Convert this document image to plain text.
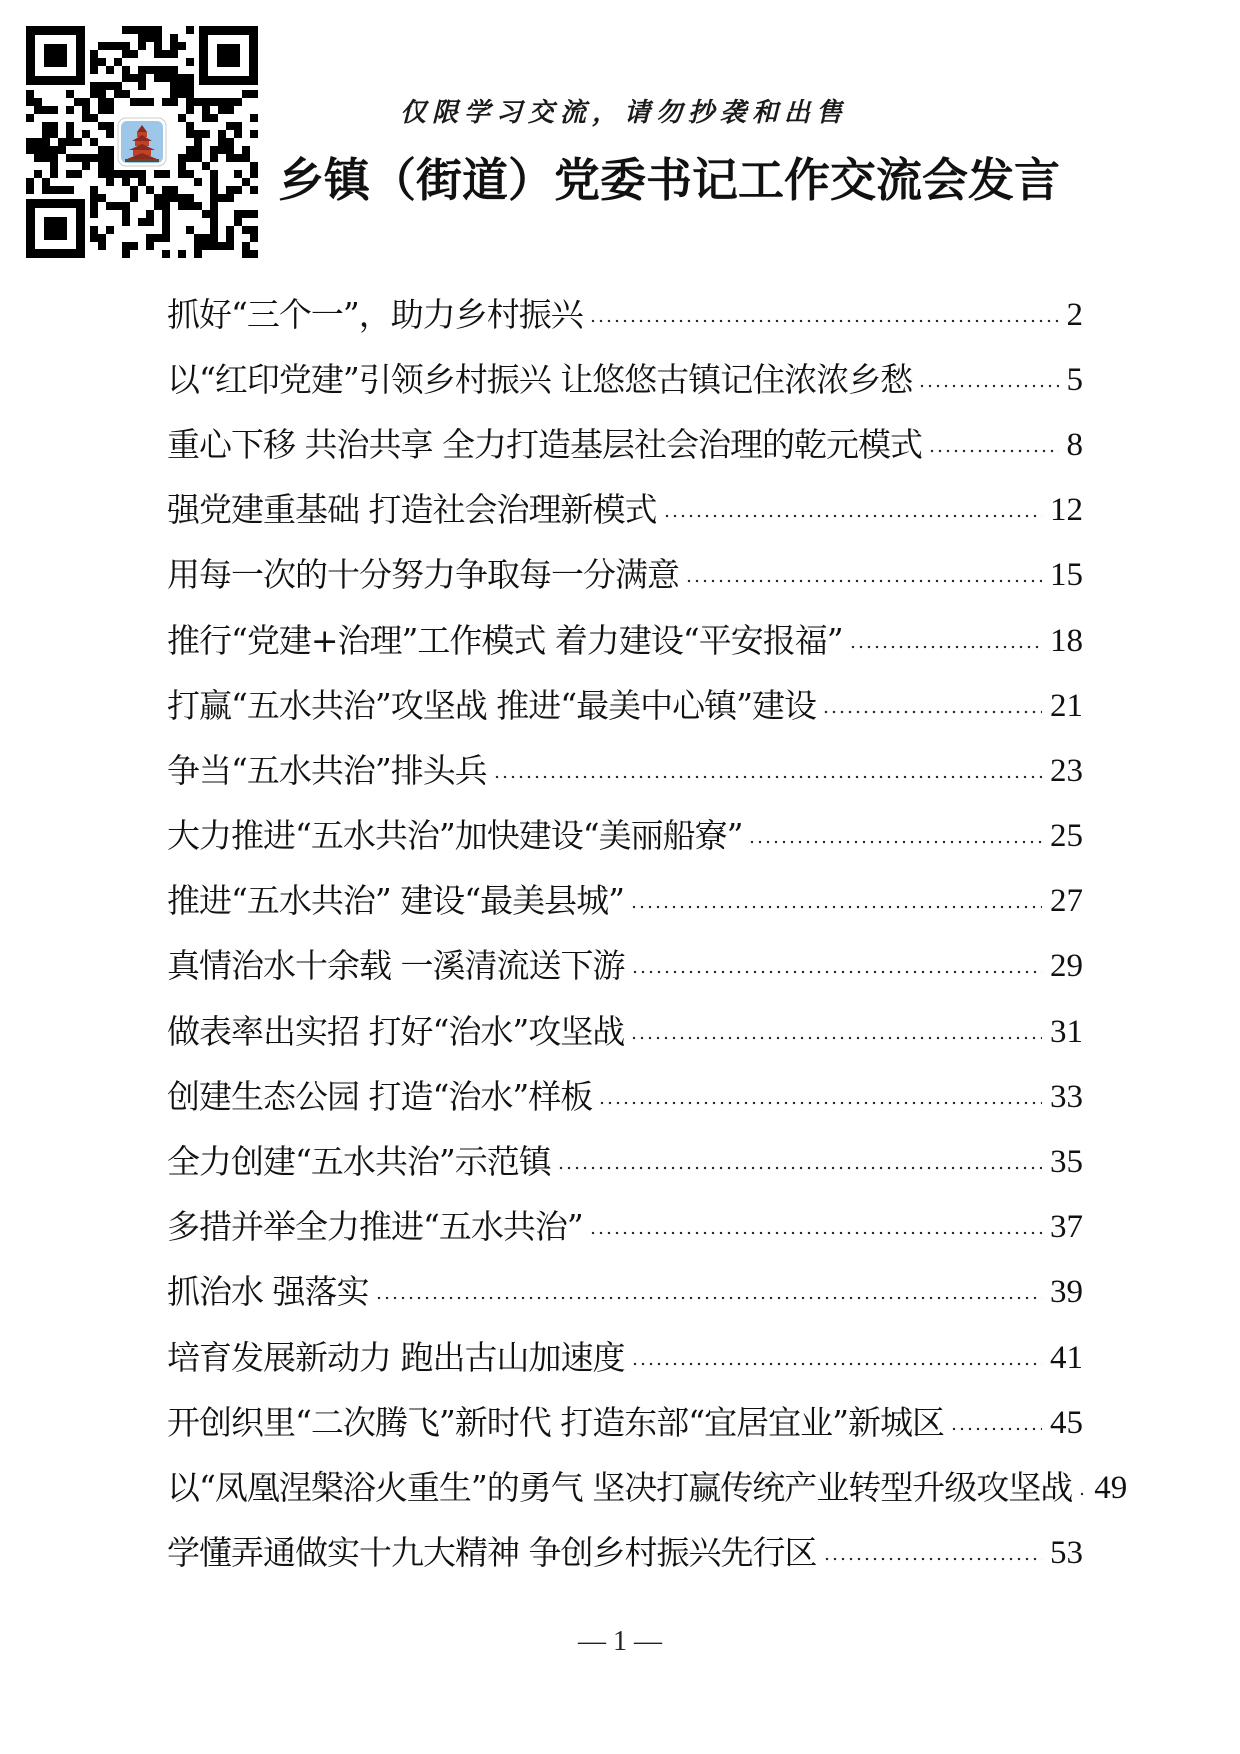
仅限学习交流，请勿抄袭和出售
乡镇（街道）党委书记工作交流会发言
抓好“三个一”，助力乡村振兴	2
以“红印党建”引领乡村振兴 让悠悠古镇记住浓浓乡愁	5
重心下移 共治共享 全力打造基层社会治理的乾元模式	8
强党建重基础 打造社会治理新模式	12
用每一次的十分努力争取每一分满意	15
推行“党建+治理”工作模式 着力建设“平安报福”	18
打赢“五水共治”攻坚战 推进“最美中心镇”建设	21
争当“五水共治”排头兵	23
大力推进“五水共治”加快建设“美丽船寮”	25
推进“五水共治” 建设“最美县城”	27
真情治水十余载 一溪清流送下游	29
做表率出实招 打好“治水”攻坚战	31
创建生态公园 打造“治水”样板	33
全力创建“五水共治”示范镇	35
多措并举全力推进“五水共治”	37
抓治水 强落实	39
培育发展新动力 跑出古山加速度	41
开创织里“二次腾飞”新时代 打造东部“宜居宜业”新城区	45
以“凤凰涅槃浴火重生”的勇气 坚决打赢传统产业转型升级攻坚战 49
学懂弄通做实十九大精神 争创乡村振兴先行区	53
— 1 —
